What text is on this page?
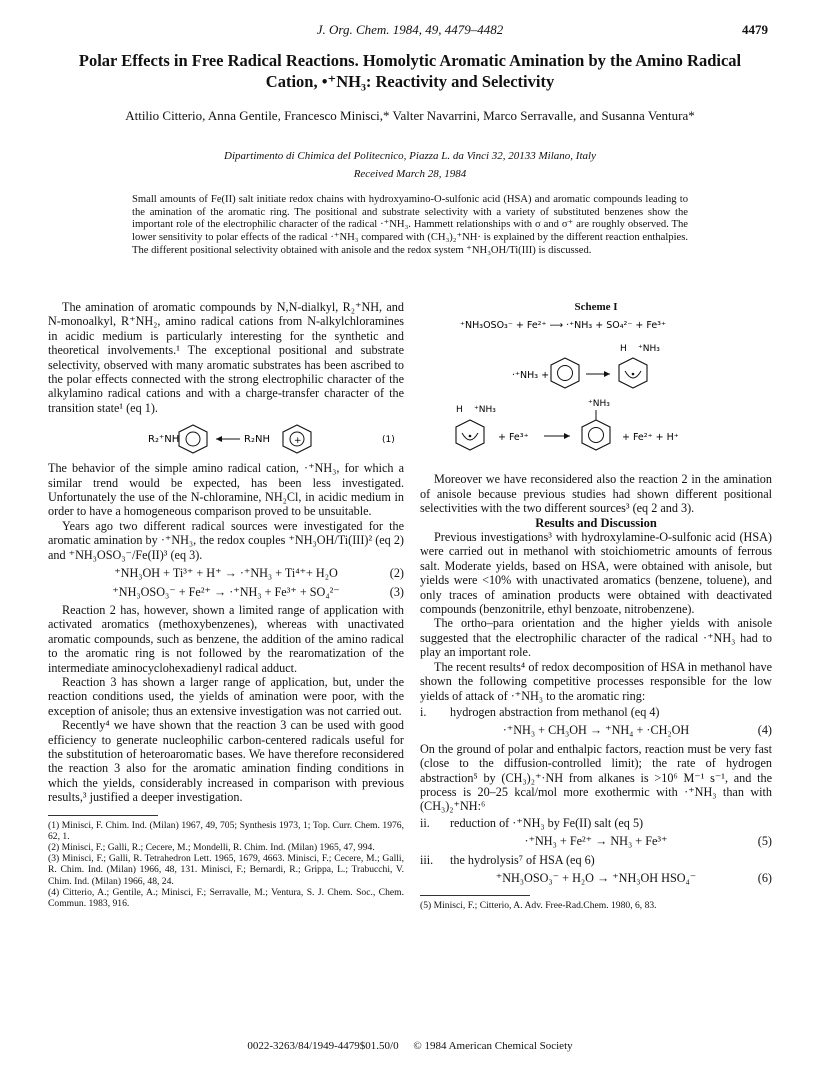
J. Org. Chem. 1984, 49, 4479–4482	4479
Polar Effects in Free Radical Reactions. Homolytic Aromatic Amination by the Amino Radical Cation, •⁺NH₃: Reactivity and Selectivity
Attilio Citterio, Anna Gentile, Francesco Minisci,* Valter Navarrini, Marco Serravalle, and Susanna Ventura*
Dipartimento di Chimica del Politecnico, Piazza L. da Vinci 32, 20133 Milano, Italy
Received March 28, 1984
Small amounts of Fe(II) salt initiate redox chains with hydroxyamino-O-sulfonic acid (HSA) and aromatic compounds leading to the amination of the aromatic ring. The positional and substrate selectivity with a variety of substituted benzenes show the important role of the electrophilic character of the radical ·⁺NH₃. Hammett relationships with σ and σ⁺ are roughly observed. The lower sensitivity to polar effects of the radical ·⁺NH₃ compared with (CH₃)₂⁺NH· is explained by the different reaction enthalpies. The different positional selectivity obtained with anisole and the redox system ⁺NH₃OH/Ti(III) is discussed.

The amination of aromatic compounds by N,N-dialkyl, R₂⁺NH, and N-monoalkyl, R⁺NH₂, amino radical cations from N-alkylchloramines in acidic medium is particularly interesting for the synthetic and theoretical involvements.¹ The exceptional positional and substrate selectivity, observed with many aromatic substrates has been ascribed to the polar effects connected with the strong electrophilic character of the alkylamino radical cations and with a charge-transfer character of the transition state¹ (eq 1).

R₂⁺NH	R₂NH	+	(1)

The behavior of the simple amino radical cation, ·⁺NH₃, for which a similar trend would be expected, has been less investigated. Unfortunately the use of the N-chloramine, NH₂Cl, in acidic medium in order to have a homogeneous comparison proved to be unsuitable.

Years ago two different radical sources were investigated for the aromatic amination by ·⁺NH₃, the redox couples ⁺NH₃OH/Ti(III)² (eq 2) and ⁺NH₃OSO₃⁻/Fe(II)³ (eq 3).

⁺NH₃OH + Ti³⁺ + H⁺ → ·⁺NH₃ + Ti⁴⁺+ H₂O	(2)
⁺NH₃OSO₃⁻ + Fe²⁺ → ·⁺NH₃ + Fe³⁺ + SO₄²⁻	(3)

Reaction 2 has, however, shown a limited range of application with activated aromatics (methoxybenzenes), whereas with unactivated aromatic compounds, such as benzene, the addition of the amino radical to the aromatic ring is not followed by the rearomatization of the intermediate aminocyclohexadienyl radical adduct.

Reaction 3 has shown a larger range of application, but, under the reaction conditions used, the yields of amination were poor, with the exception of anisole; thus an extensive investigation was not carried out.

Recently⁴ we have shown that the reaction 3 can be used with good efficiency to generate nucleophilic carbon-centered radicals useful for the substitution of heteroaromatic bases. We have therefore reconsidered the reaction 3 also for the aromatic amination finding conditions in which the yields, considerably increased in comparison with previous results,³ justified a deeper investigation.

(1) Minisci, F. Chim. Ind. (Milan) 1967, 49, 705; Synthesis 1973, 1; Top. Curr. Chem. 1976, 62, 1.

(2) Minisci, F.; Galli, R.; Cecere, M.; Mondelli, R. Chim. Ind. (Milan) 1965, 47, 994.

(3) Minisci, F.; Galli, R. Tetrahedron Lett. 1965, 1679, 4663. Minisci, F.; Cecere, M.; Galli, R. Chim. Ind. (Milan) 1966, 48, 131. Minisci, F.; Bernardi, R.; Grippa, L.; Trabucchi, V. Chim. Ind. (Milan) 1966, 48, 24.

(4) Citterio, A.; Gentile, A.; Minisci, F.; Serravalle, M.; Ventura, S. J. Chem. Soc., Chem. Commun. 1983, 916.

Scheme I

⁺NH₃OSO₃⁻ + Fe²⁺ ⟶ ·⁺NH₃ + SO₄²⁻ + Fe³⁺
·⁺NH₃ +
H ⁺NH₃
H ⁺NH₃
+ Fe³⁺
⁺NH₃
+ Fe²⁺ + H⁺

Moreover we have reconsidered also the reaction 2 in the amination of anisole because previous studies had shown different positional selectivities with the two different sources³ (eq 2 and 3).

Results and Discussion

Previous investigations³ with hydroxylamine-O-sulfonic acid (HSA) were carried out in methanol with stoichiometric amounts of ferrous salt. Moderate yields, based on HSA, were obtained with anisole, but yields were <10% with unactivated aromatics (benzene, toluene), and only traces of amination products were obtained with deactivated compounds (benzonitrile, ethyl benzoate, nitrobenzene).

The ortho–para orientation and the higher yields with anisole suggested that the electrophilic character of the radical ·⁺NH₃ had to play an important role.

The recent results⁴ of redox decomposition of HSA in methanol have shown the following competitive processes responsible for the low yields of attack of ·⁺NH₃ to the aromatic ring:

i.	hydrogen abstraction from methanol (eq 4)
·⁺NH₃ + CH₃OH → ⁺NH₄ + ·CH₂OH	(4)

On the ground of polar and enthalpic factors, reaction must be very fast (close to the diffusion-controlled limit); the rate of hydrogen abstraction⁵ by (CH₃)₂⁺·NH from alkanes is >10⁶ M⁻¹ s⁻¹, and the process is 20–25 kcal/mol more exothermic with ·⁺NH₃ than with (CH₃)₂⁺NH:⁶

ii.	reduction of ·⁺NH₃ by Fe(II) salt (eq 5)
·⁺NH₃ + Fe²⁺ → NH₃ + Fe³⁺	(5)
iii.	the hydrolysis⁷ of HSA (eq 6)
⁺NH₃OSO₃⁻ + H₂O → ⁺NH₃OH HSO₄⁻	(6)

(5) Minisci, F.; Citterio, A. Adv. Free-Rad.Chem. 1980, 6, 83.

0022-3263/84/1949-4479$01.50/0 © 1984 American Chemical Society
